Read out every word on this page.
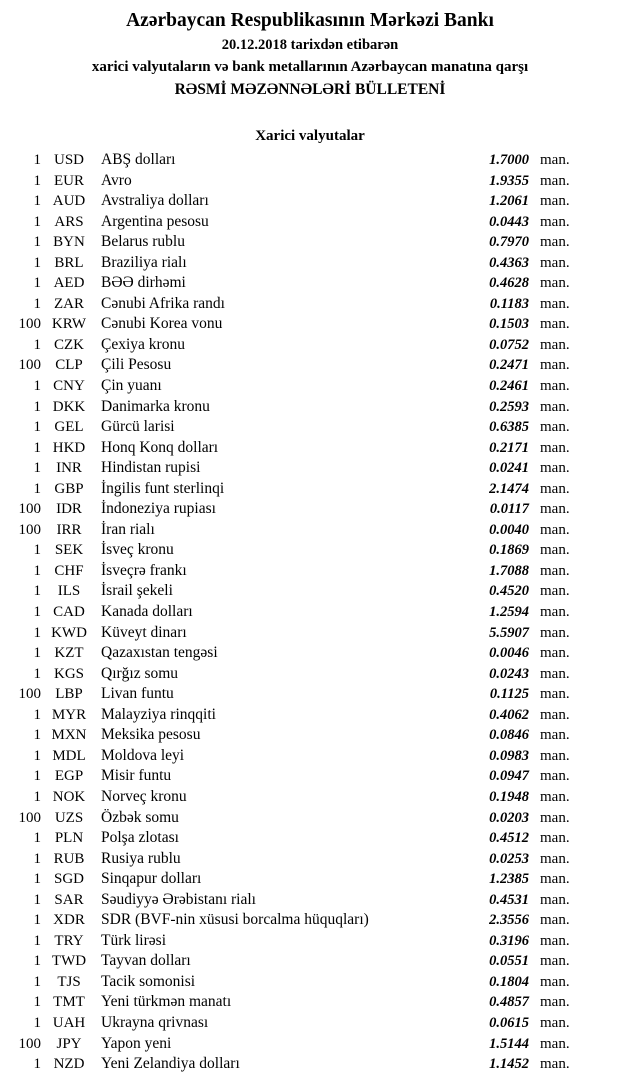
Azərbaycan Respublikasının Mərkəzi Bankı
20.12.2018 tarixdən etibarən
xarici valyutaların və bank metallarının Azərbaycan manatına qarşı
RƏSMİ MƏZƏNNƏLƏRİ BÜLLETENİ
Xarici valyutalar
1 USD	ABŞ dolları	1.7000 man.
1 EUR	Avro	1.9355 man.
1 AUD	Avstraliya dolları	1.2061 man.
1 ARS	Argentina pesosu	0.0443 man.
1 BYN	Belarus rublu	0.7970 man.
1 BRL	Braziliya rialı	0.4363 man.
1 AED	BƏƏ dirhəmi	0.4628 man.
1 ZAR	Cənubi Afrika randı	0.1183 man.
100 KRW Cənubi Korea vonu	0.1503 man.
1 CZK	Çexiya kronu	0.0752 man.
100 CLP	Çili Pesosu	0.2471 man.
1 CNY	Çin yuanı	0.2461 man.
1 DKK	Danimarka kronu	0.2593 man.
1 GEL	Gürcü larisi	0.6385 man.
1 HKD	Honq Konq dolları	0.2171 man.
1	INR	Hindistan rupisi	0.0241 man.
1 GBP	İngilis funt sterlinqi	2.1474 man.
100	IDR	İndoneziya rupiası	0.0117 man.
100	IRR	İran rialı	0.0040 man.
1 SEK	İsveç kronu	0.1869 man.
1 CHF	İsveçrə frankı	1.7088 man.
1	ILS	İsrail şekeli	0.4520 man.
1 CAD	Kanada dolları	1.2594 man.
1 KWD Küveyt dinarı	5.5907 man.
1 KZT	Qazaxıstan tengəsi	0.0046 man.
1 KGS	Qırğız somu	0.0243 man.
100 LBP	Livan funtu	0.1125 man.
1 MYR Malayziya rinqqiti	0.4062 man.
1 MXN Meksika pesosu	0.0846 man.
1 MDL Moldova leyi	0.0983 man.
1 EGP	Misir funtu	0.0947 man.
1 NOK	Norveç kronu	0.1948 man.
100 UZS	Özbək somu	0.0203 man.
1 PLN	Polşa zlotası	0.4512 man.
1 RUB	Rusiya rublu	0.0253 man.
1 SGD	Sinqapur dolları	1.2385 man.
1 SAR	Səudiyyə Ərəbistanı rialı	0.4531 man.
1 XDR	SDR (BVF-nin xüsusi borcalma hüquqları)	2.3556 man.
1 TRY	Türk lirəsi	0.3196 man.
1 TWD Tayvan dolları	0.0551 man.
1	TJS	Tacik somonisi	0.1804 man.
1 TMT	Yeni türkmən manatı	0.4857 man.
1 UAH	Ukrayna qrivnası	0.0615 man.
100	JPY	Yapon yeni	1.5144 man.
1 NZD	Yeni Zelandiya dolları	1.1452 man.
